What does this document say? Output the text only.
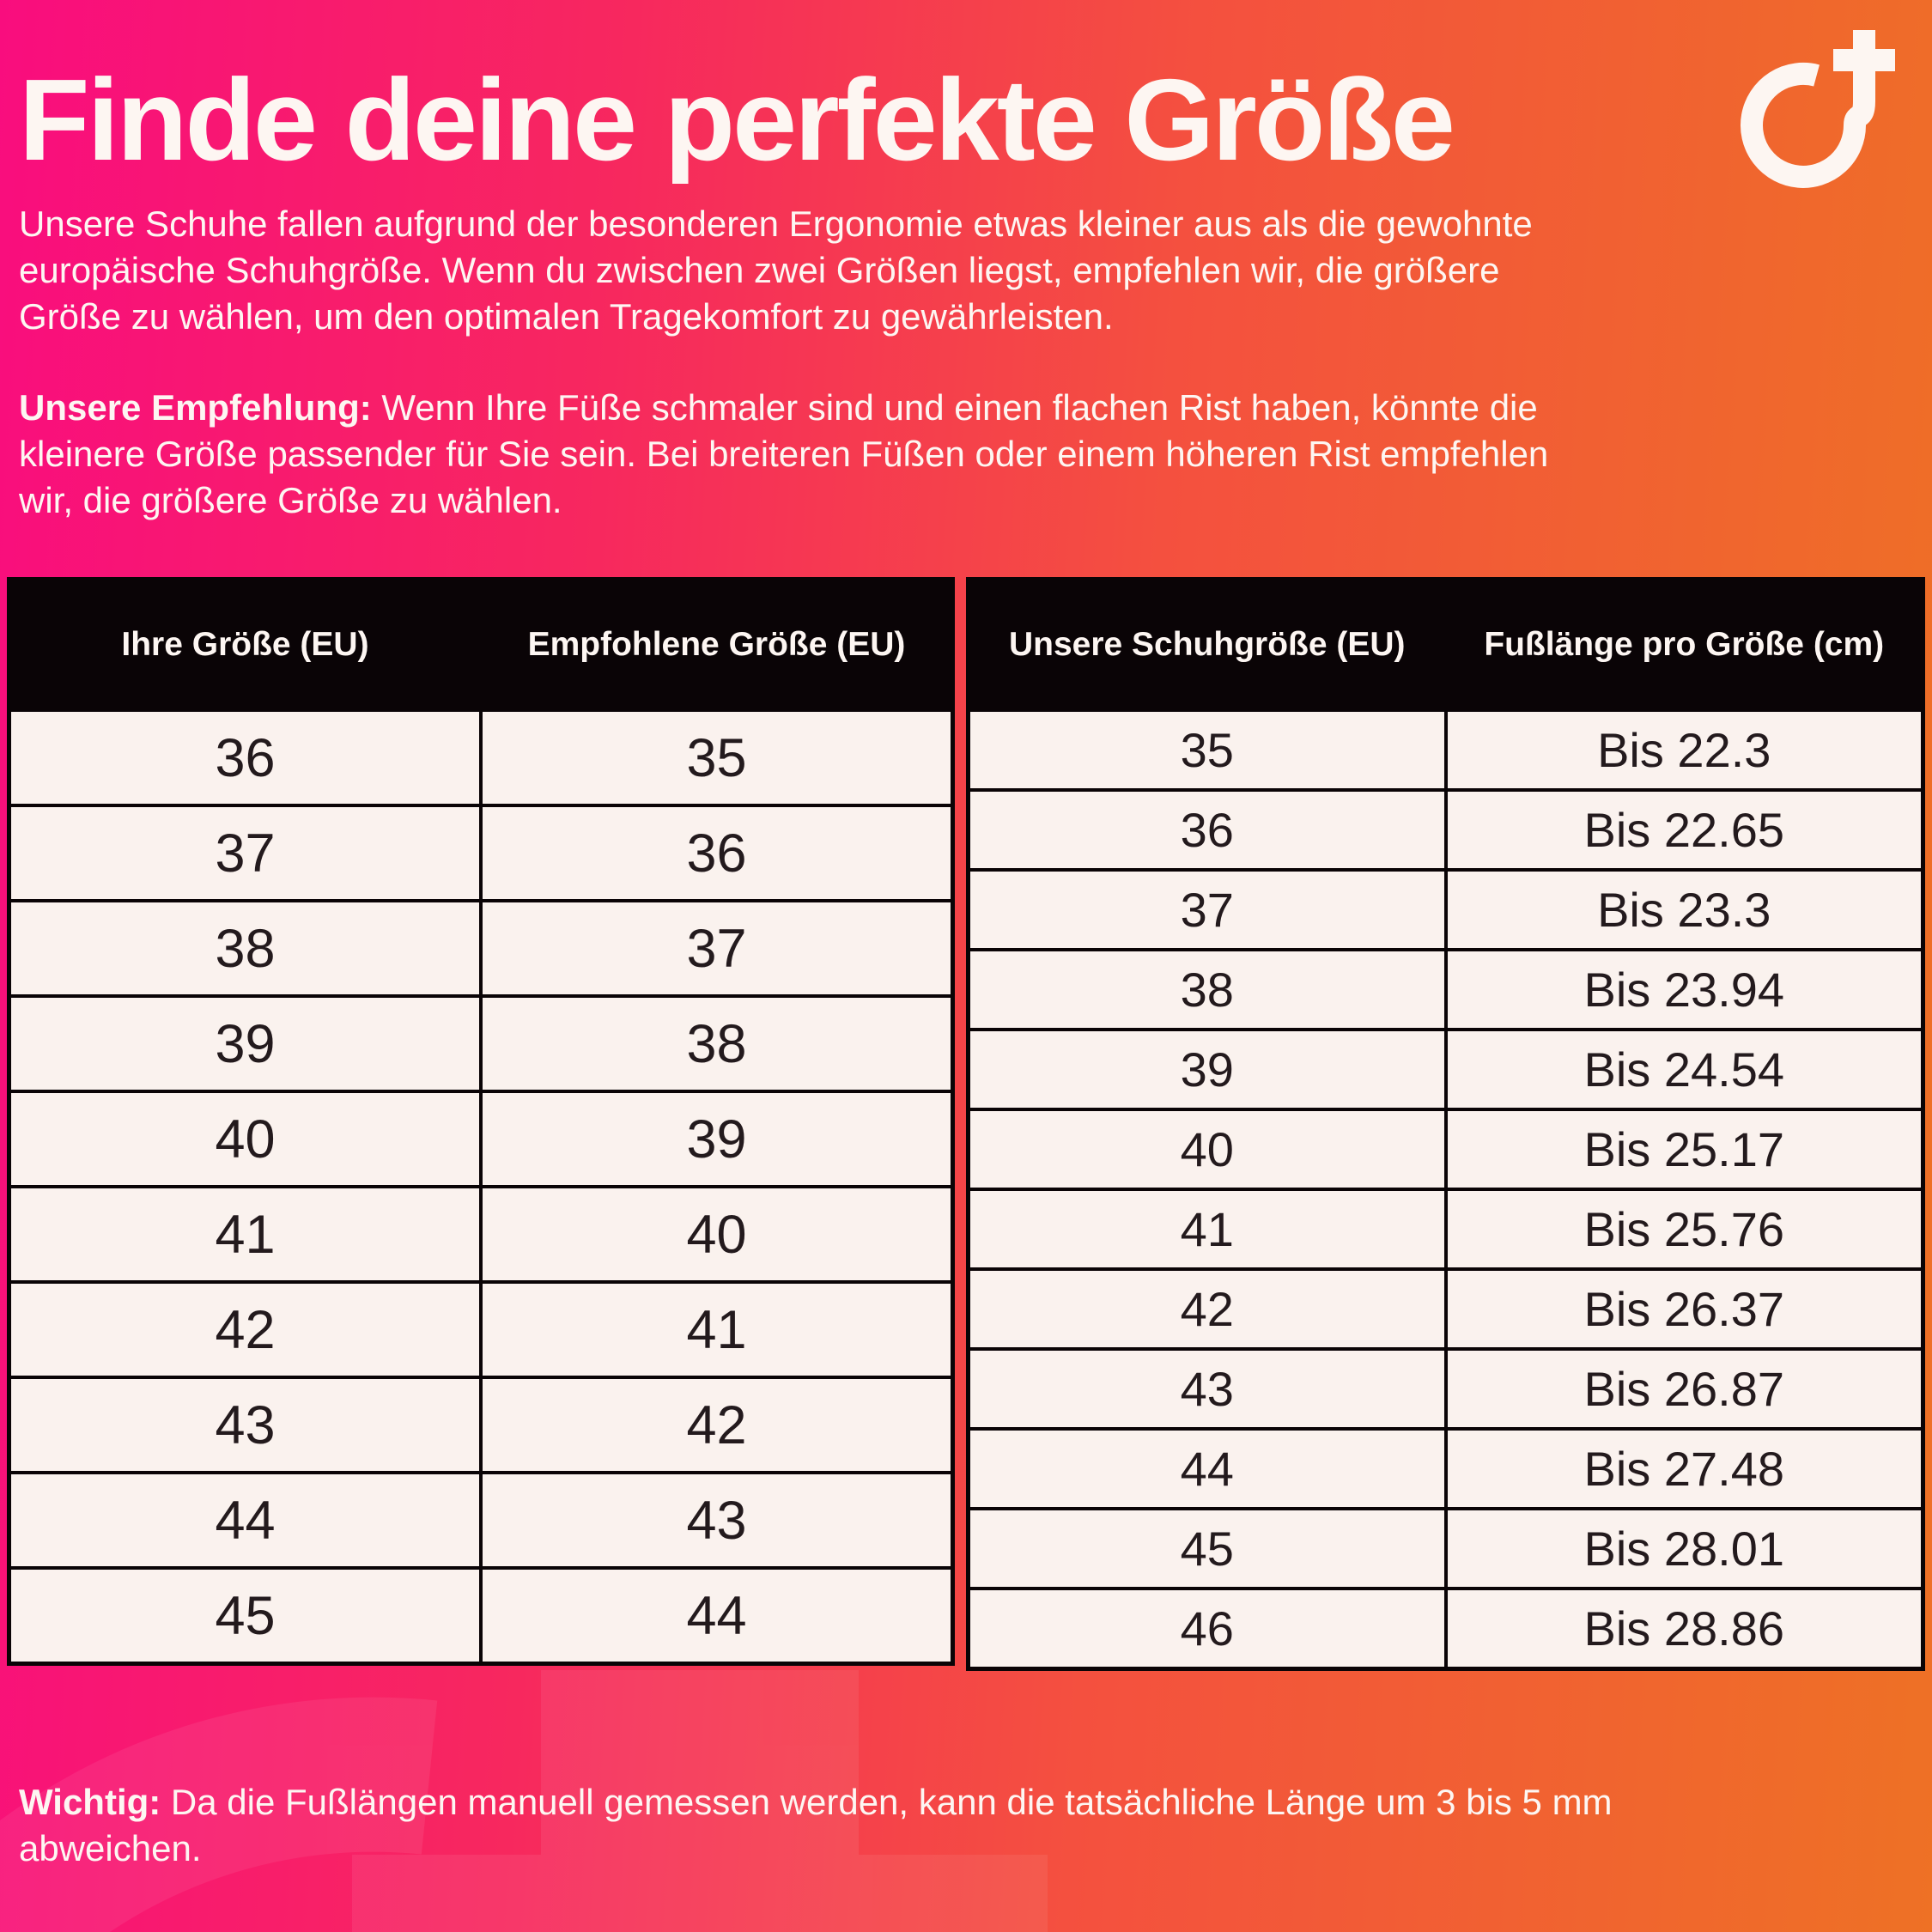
Finde deine perfekte Größe
Unsere Schuhe fallen aufgrund der besonderen Ergonomie etwas kleiner aus als die gewohnte
europäische Schuhgröße. Wenn du zwischen zwei Größen liegst, empfehlen wir, die größere
Größe zu wählen, um den optimalen Tragekomfort zu gewährleisten.
Unsere Empfehlung: Wenn Ihre Füße schmaler sind und einen flachen Rist haben, könnte die
kleinere Größe passender für Sie sein. Bei breiteren Füßen oder einem höheren Rist empfehlen
wir, die größere Größe zu wählen.
Ihre Größe (EU)	Empfohlene Größe (EU)
36	35
37	36
38	37
39	38
40	39
41	40
42	41
43	42
44	43
45	44
Unsere Schuhgröße (EU)	Fußlänge pro Größe (cm)
35	Bis 22.3
36	Bis 22.65
37	Bis 23.3
38	Bis 23.94
39	Bis 24.54
40	Bis 25.17
41	Bis 25.76
42	Bis 26.37
43	Bis 26.87
44	Bis 27.48
45	Bis 28.01
46	Bis 28.86
Wichtig: Da die Fußlängen manuell gemessen werden, kann die tatsächliche Länge um 3 bis 5 mm
abweichen.
